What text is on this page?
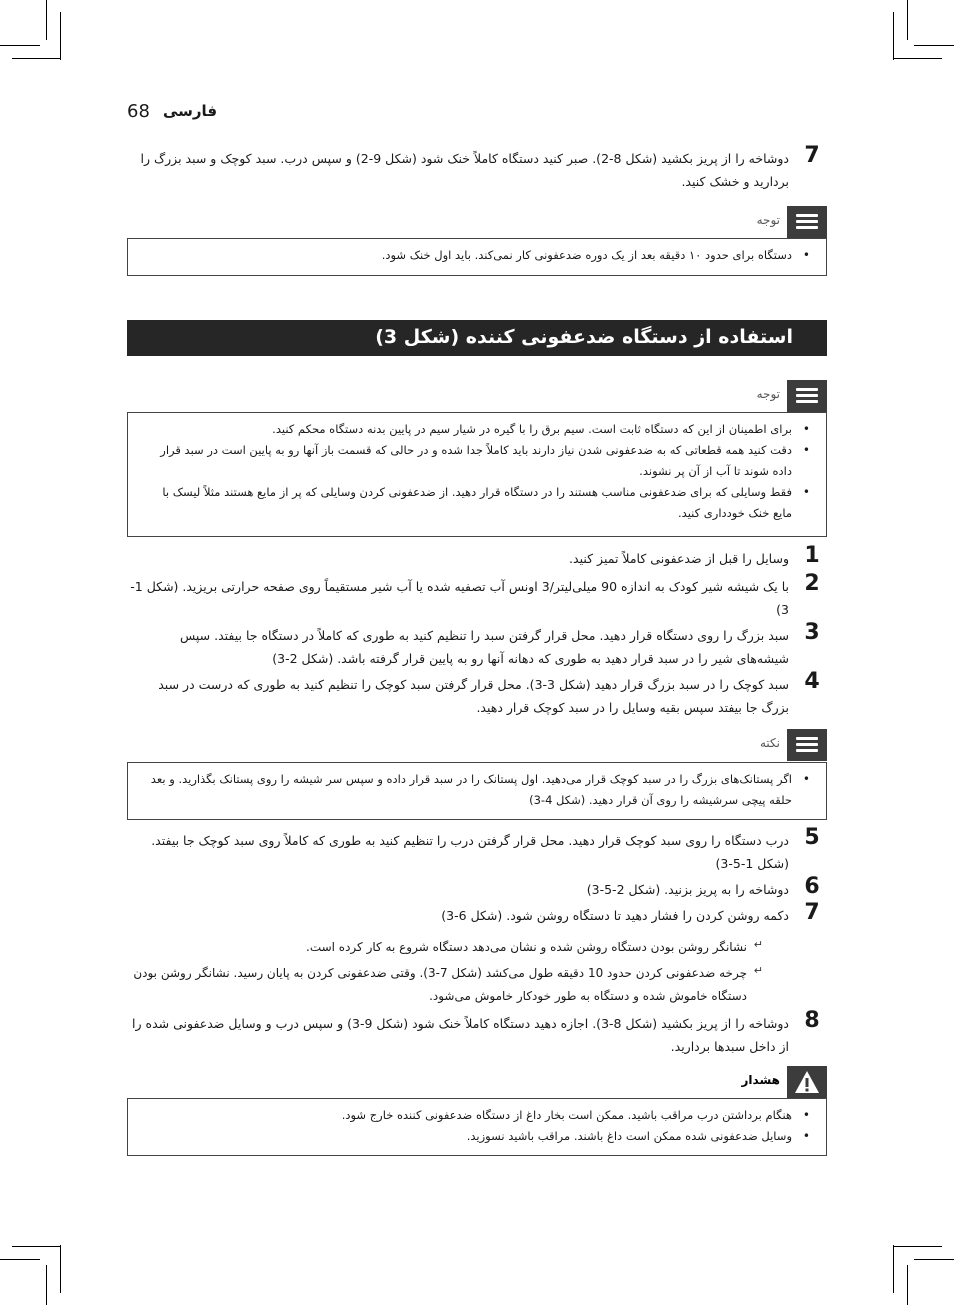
68 فارسی
7
دوشاخه را از پریز بکشید (شکل 8-2). صبر کنید دستگاه کاملاً خنک شود (شکل 9-2) و سپس درب. سبد کوچک و سبد بزرگ را بردارید و خشک کنید.
توجه
• دستگاه برای حدود ۱۰ دقیقه بعد از یک دوره ضدعفونی کار نمی‌کند. باید اول خنک شود.
استفاده از دستگاه ضدعفونی کننده (شکل 3)
توجه
• برای اطمینان از این که دستگاه ثابت است. سیم برق را با گیره در شیار سیم در پایین بدنه دستگاه محکم کنید.
• دقت کنید همه قطعاتی که به ضدعفونی شدن نیاز دارند باید کاملاً جدا شده و در حالی که قسمت باز آنها رو به پایین است در سبد قرار داده شوند تا آب از آن پر نشوند.
• فقط وسایلی که برای ضدعفونی مناسب هستند را در دستگاه قرار دهید. از ضدعفونی کردن وسایلی که پر از مایع هستند مثلاً لیسک با مایع خنک خودداری کنید.
1
وسایل را قبل از ضدعفونی کاملاً تمیز کنید.
2
با یک شیشه شیر کودک به اندازه 90 میلی‌لیتر/3 اونس آب تصفیه شده یا آب شیر مستقیماً روی صفحه حرارتی بریزید. (شکل 1-3)
3
سبد بزرگ را روی دستگاه قرار دهید. محل قرار گرفتن سبد را تنظیم کنید به طوری که کاملاً در دستگاه جا بیفتد. سپس شیشه‌های شیر را در سبد قرار دهید به طوری که دهانه آنها رو به پایین قرار گرفته باشد. (شکل 2-3)
4
سبد کوچک را در سبد بزرگ قرار دهید (شکل 3-3). محل قرار گرفتن سبد کوچک را تنظیم کنید به طوری که درست در سبد بزرگ جا بیفتد سپس بقیه وسایل را در سبد کوچک قرار دهید.
نکته
• اگر پستانک‌های بزرگ را در سبد کوچک قرار می‌دهید. اول پستانک را در سبد قرار داده و سپس سر شیشه را روی پستانک بگذارید. و بعد حلقه پیچی سرشیشه را روی آن قرار دهید. (شکل 4-3)
5
درب دستگاه را روی سبد کوچک قرار دهید. محل قرار گرفتن درب را تنظیم کنید به طوری که کاملاً روی سبد کوچک جا بیفتد. (شکل 1-5-3)
6
دوشاخه را به پریز بزنید. (شکل 2-5-3)
7
دکمه روشن کردن را فشار دهید تا دستگاه روشن شود. (شکل 6-3)
↵
نشانگر روشن بودن دستگاه روشن شده و نشان می‌دهد دستگاه شروع به کار کرده است.
↵
چرخه ضدعفونی کردن حدود 10 دقیقه طول می‌کشد (شکل 7-3). وقتی ضدعفونی کردن به پایان رسید. نشانگر روشن بودن دستگاه خاموش شده و دستگاه به طور خودکار خاموش می‌شود.
8
دوشاخه را از پریز بکشید (شکل 8-3). اجازه دهید دستگاه کاملاً خنک شود (شکل 9-3) و سپس درب و وسایل ضدعفونی شده را از داخل سبدها بردارید.
هشدار
• هنگام برداشتن درب مراقب باشید. ممکن است بخار داغ از دستگاه ضدعفونی کننده خارج شود.
• وسایل ضدعفونی شده ممکن است داغ باشند. مراقب باشید نسوزید.
